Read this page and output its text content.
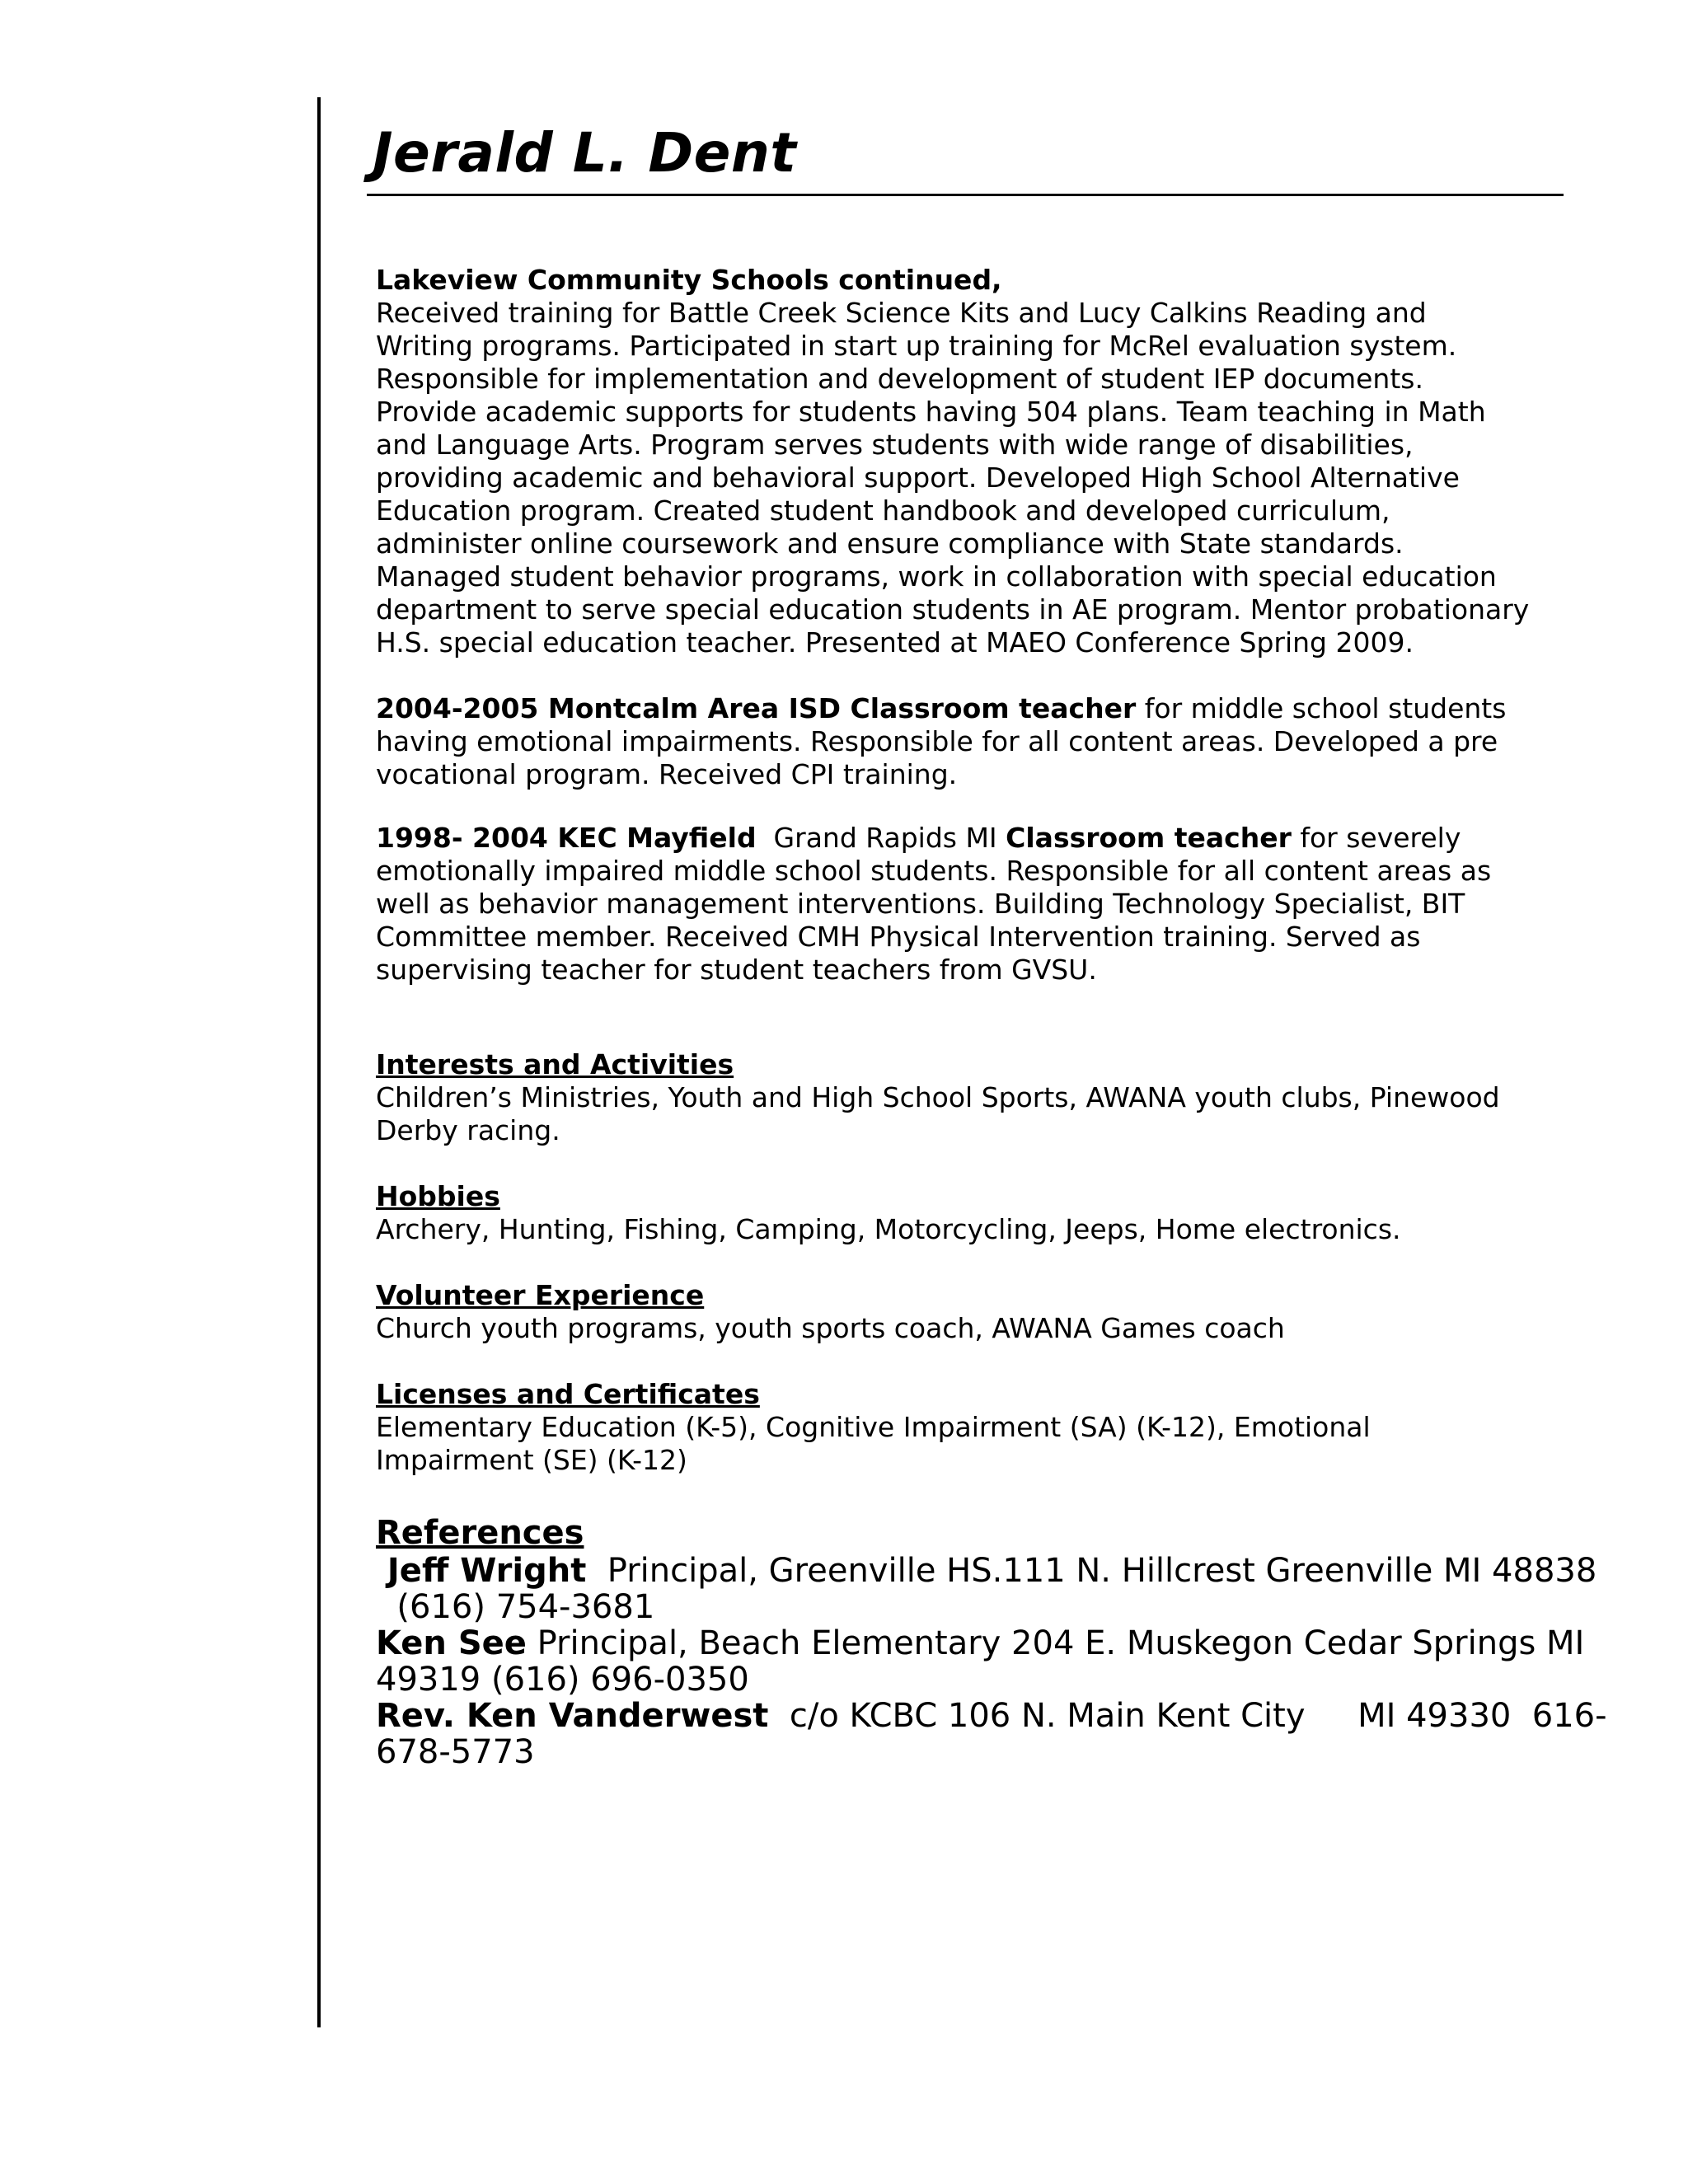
Jerald L. Dent

Lakeview Community Schools continued,

Received training for Battle Creek Science Kits and Lucy Calkins Reading and

Writing programs. Participated in start up training for McRel evaluation system.

Responsible for implementation and development of student IEP documents.

Provide academic supports for students having 504 plans. Team teaching in Math

and Language Arts. Program serves students with wide range of disabilities,

providing academic and behavioral support. Developed High School Alternative

Education program. Created student handbook and developed curriculum,

administer online coursework and ensure compliance with State standards.

Managed student behavior programs, work in collaboration with special education

department to serve special education students in AE program. Mentor probationary

H.S. special education teacher. Presented at MAEO Conference Spring 2009.

2004-2005 Montcalm Area ISD Classroom teacher for middle school students

having emotional impairments. Responsible for all content areas. Developed a pre

vocational program. Received CPI training.

1998- 2004 KEC Mayfield  Grand Rapids MI Classroom teacher for severely

emotionally impaired middle school students. Responsible for all content areas as

well as behavior management interventions. Building Technology Specialist, BIT

Committee member. Received CMH Physical Intervention training. Served as

supervising teacher for student teachers from GVSU.

Interests and Activities

Children’s Ministries, Youth and High School Sports, AWANA youth clubs, Pinewood

Derby racing.

Hobbies

Archery, Hunting, Fishing, Camping, Motorcycling, Jeeps, Home electronics.

Volunteer Experience

Church youth programs, youth sports coach, AWANA Games coach

Licenses and Certificates

Elementary Education (K-5), Cognitive Impairment (SA) (K-12), Emotional

Impairment (SE) (K-12)

References

Jeff Wright  Principal, Greenville HS.111 N. Hillcrest Greenville MI 48838

(616) 754-3681

Ken See Principal, Beach Elementary 204 E. Muskegon Cedar Springs MI

49319 (616) 696-0350

Rev. Ken Vanderwest  c/o KCBC 106 N. Main Kent City     MI 49330  616-

678-5773
